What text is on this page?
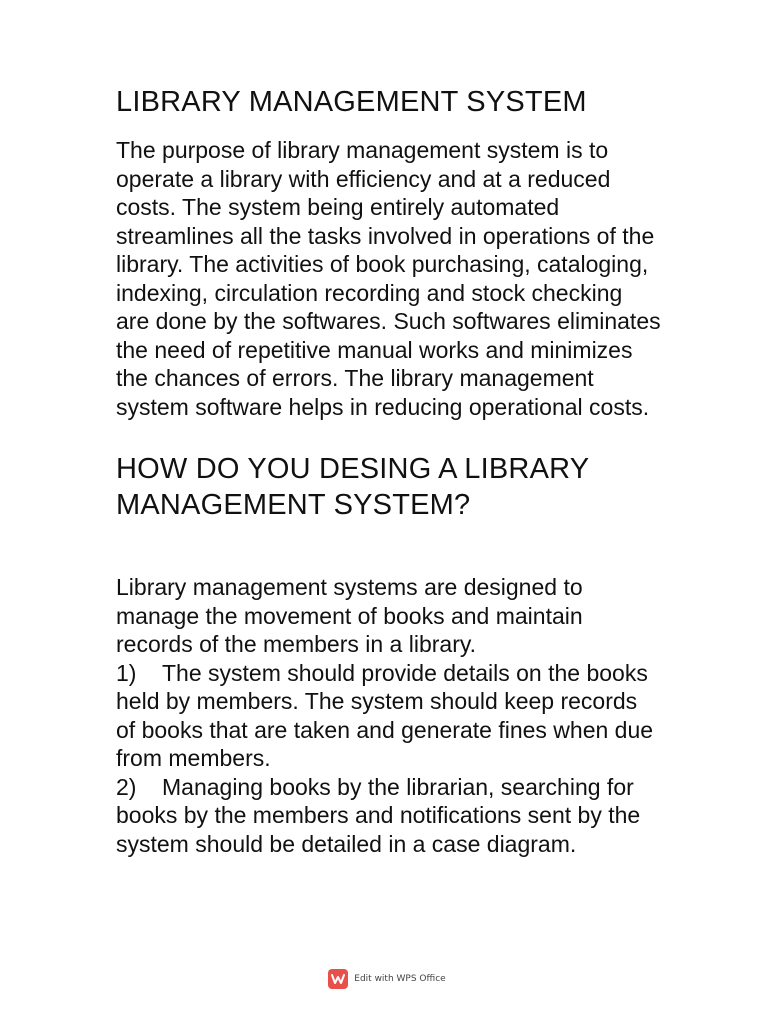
LIBRARY MANAGEMENT SYSTEM

The purpose of library management system is to operate a library with efficiency and at a reduced costs. The system being entirely automated streamlines all the tasks involved in operations of the library. The activities of book purchasing, cataloging, indexing, circulation recording and stock checking are done by the softwares. Such softwares eliminates the need of repetitive manual works and minimizes the chances of errors. The library management system software helps in reducing operational costs.

HOW DO YOU DESING A LIBRARY MANAGEMENT SYSTEM?

Library management systems are designed to manage the movement of books and maintain records of the members in a library.

1) The system should provide details on the books held by members. The system should keep records of books that are taken and generate fines when due from members.

2) Managing books by the librarian, searching for books by the members and notifications sent by the system should be detailed in a case diagram.

Edit with WPS Office
